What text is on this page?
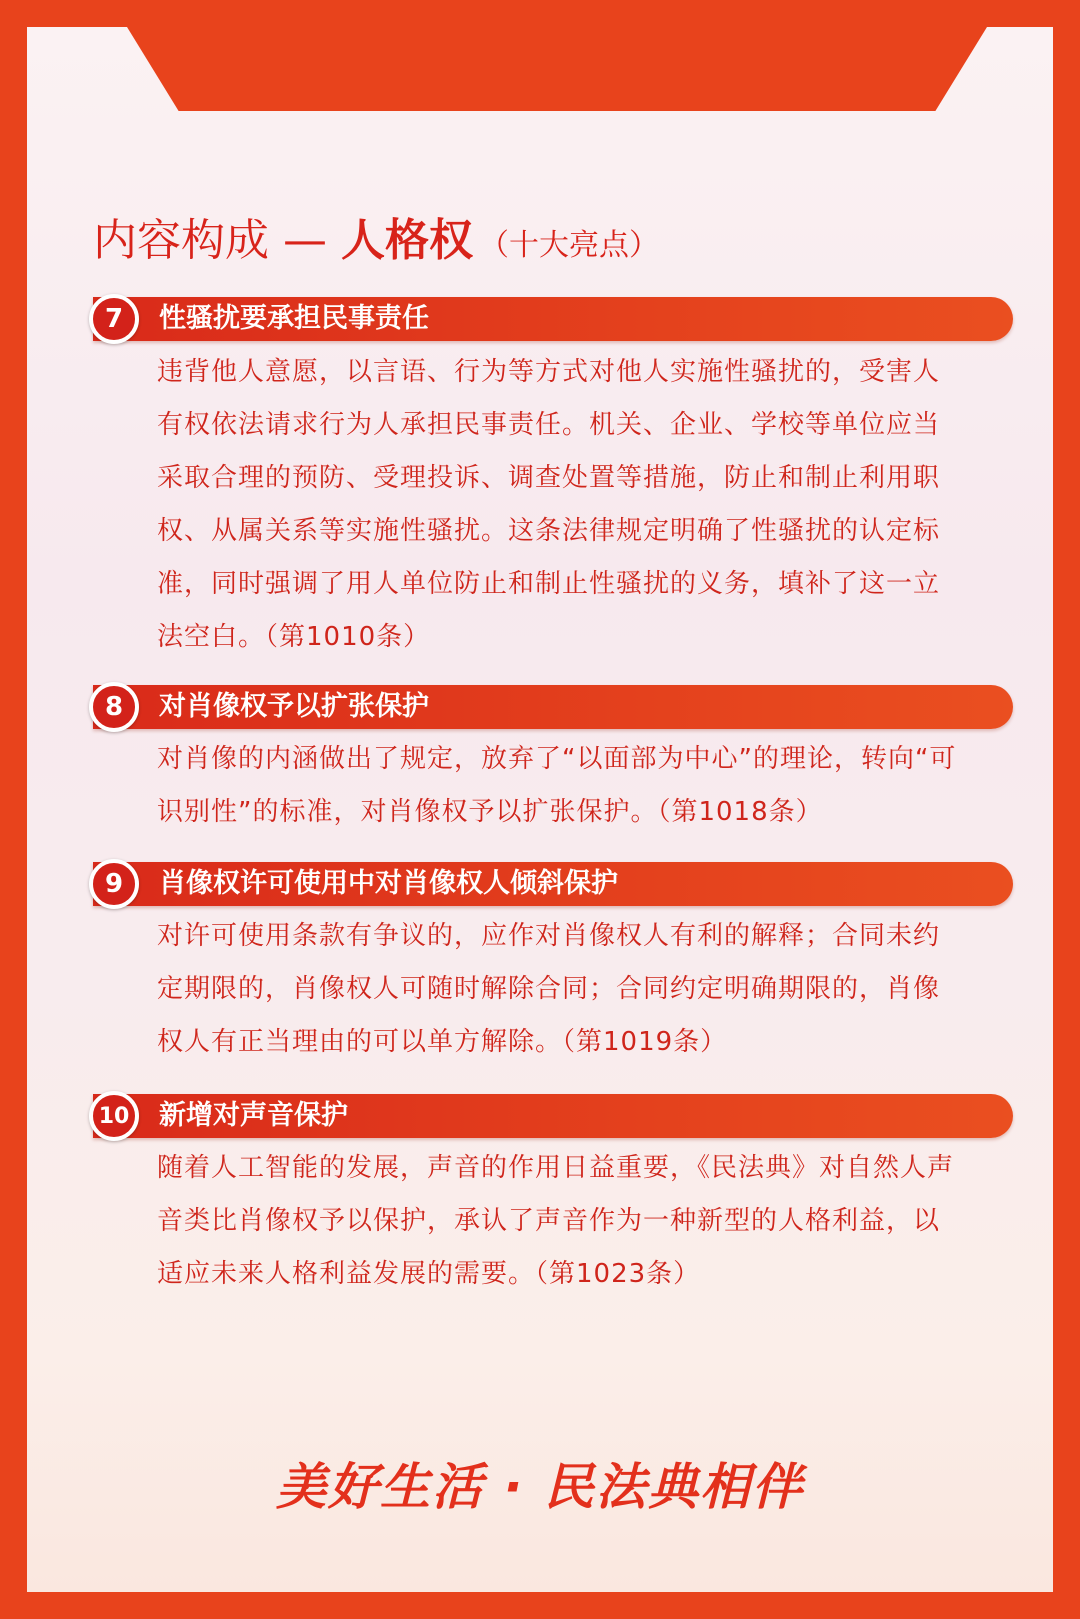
内容构成 — 人格权 （十大亮点）
7	性骚扰要承担民事责任
违背他人意愿，以言语、行为等方式对他人实施性骚扰的，受害人有权依法请求行为人承担民事责任。机关、企业、学校等单位应当采取合理的预防、受理投诉、调查处置等措施，防止和制止利用职权、从属关系等实施性骚扰。这条法律规定明确了性骚扰的认定标准，同时强调了用人单位防止和制止性骚扰的义务，填补了这一立法空白。（第1010条）
8	对肖像权予以扩张保护
对肖像的内涵做出了规定，放弃了“以面部为中心”的理论，转向“可识别性”的标准，对肖像权予以扩张保护。（第1018条）
9	肖像权许可使用中对肖像权人倾斜保护
对许可使用条款有争议的，应作对肖像权人有利的解释；合同未约定期限的，肖像权人可随时解除合同；合同约定明确期限的，肖像权人有正当理由的可以单方解除。（第1019条）
10	新增对声音保护
随着人工智能的发展，声音的作用日益重要，《民法典》对自然人声音类比肖像权予以保护，承认了声音作为一种新型的人格利益，以适应未来人格利益发展的需要。（第1023条）
美好生活 · 民法典相伴
